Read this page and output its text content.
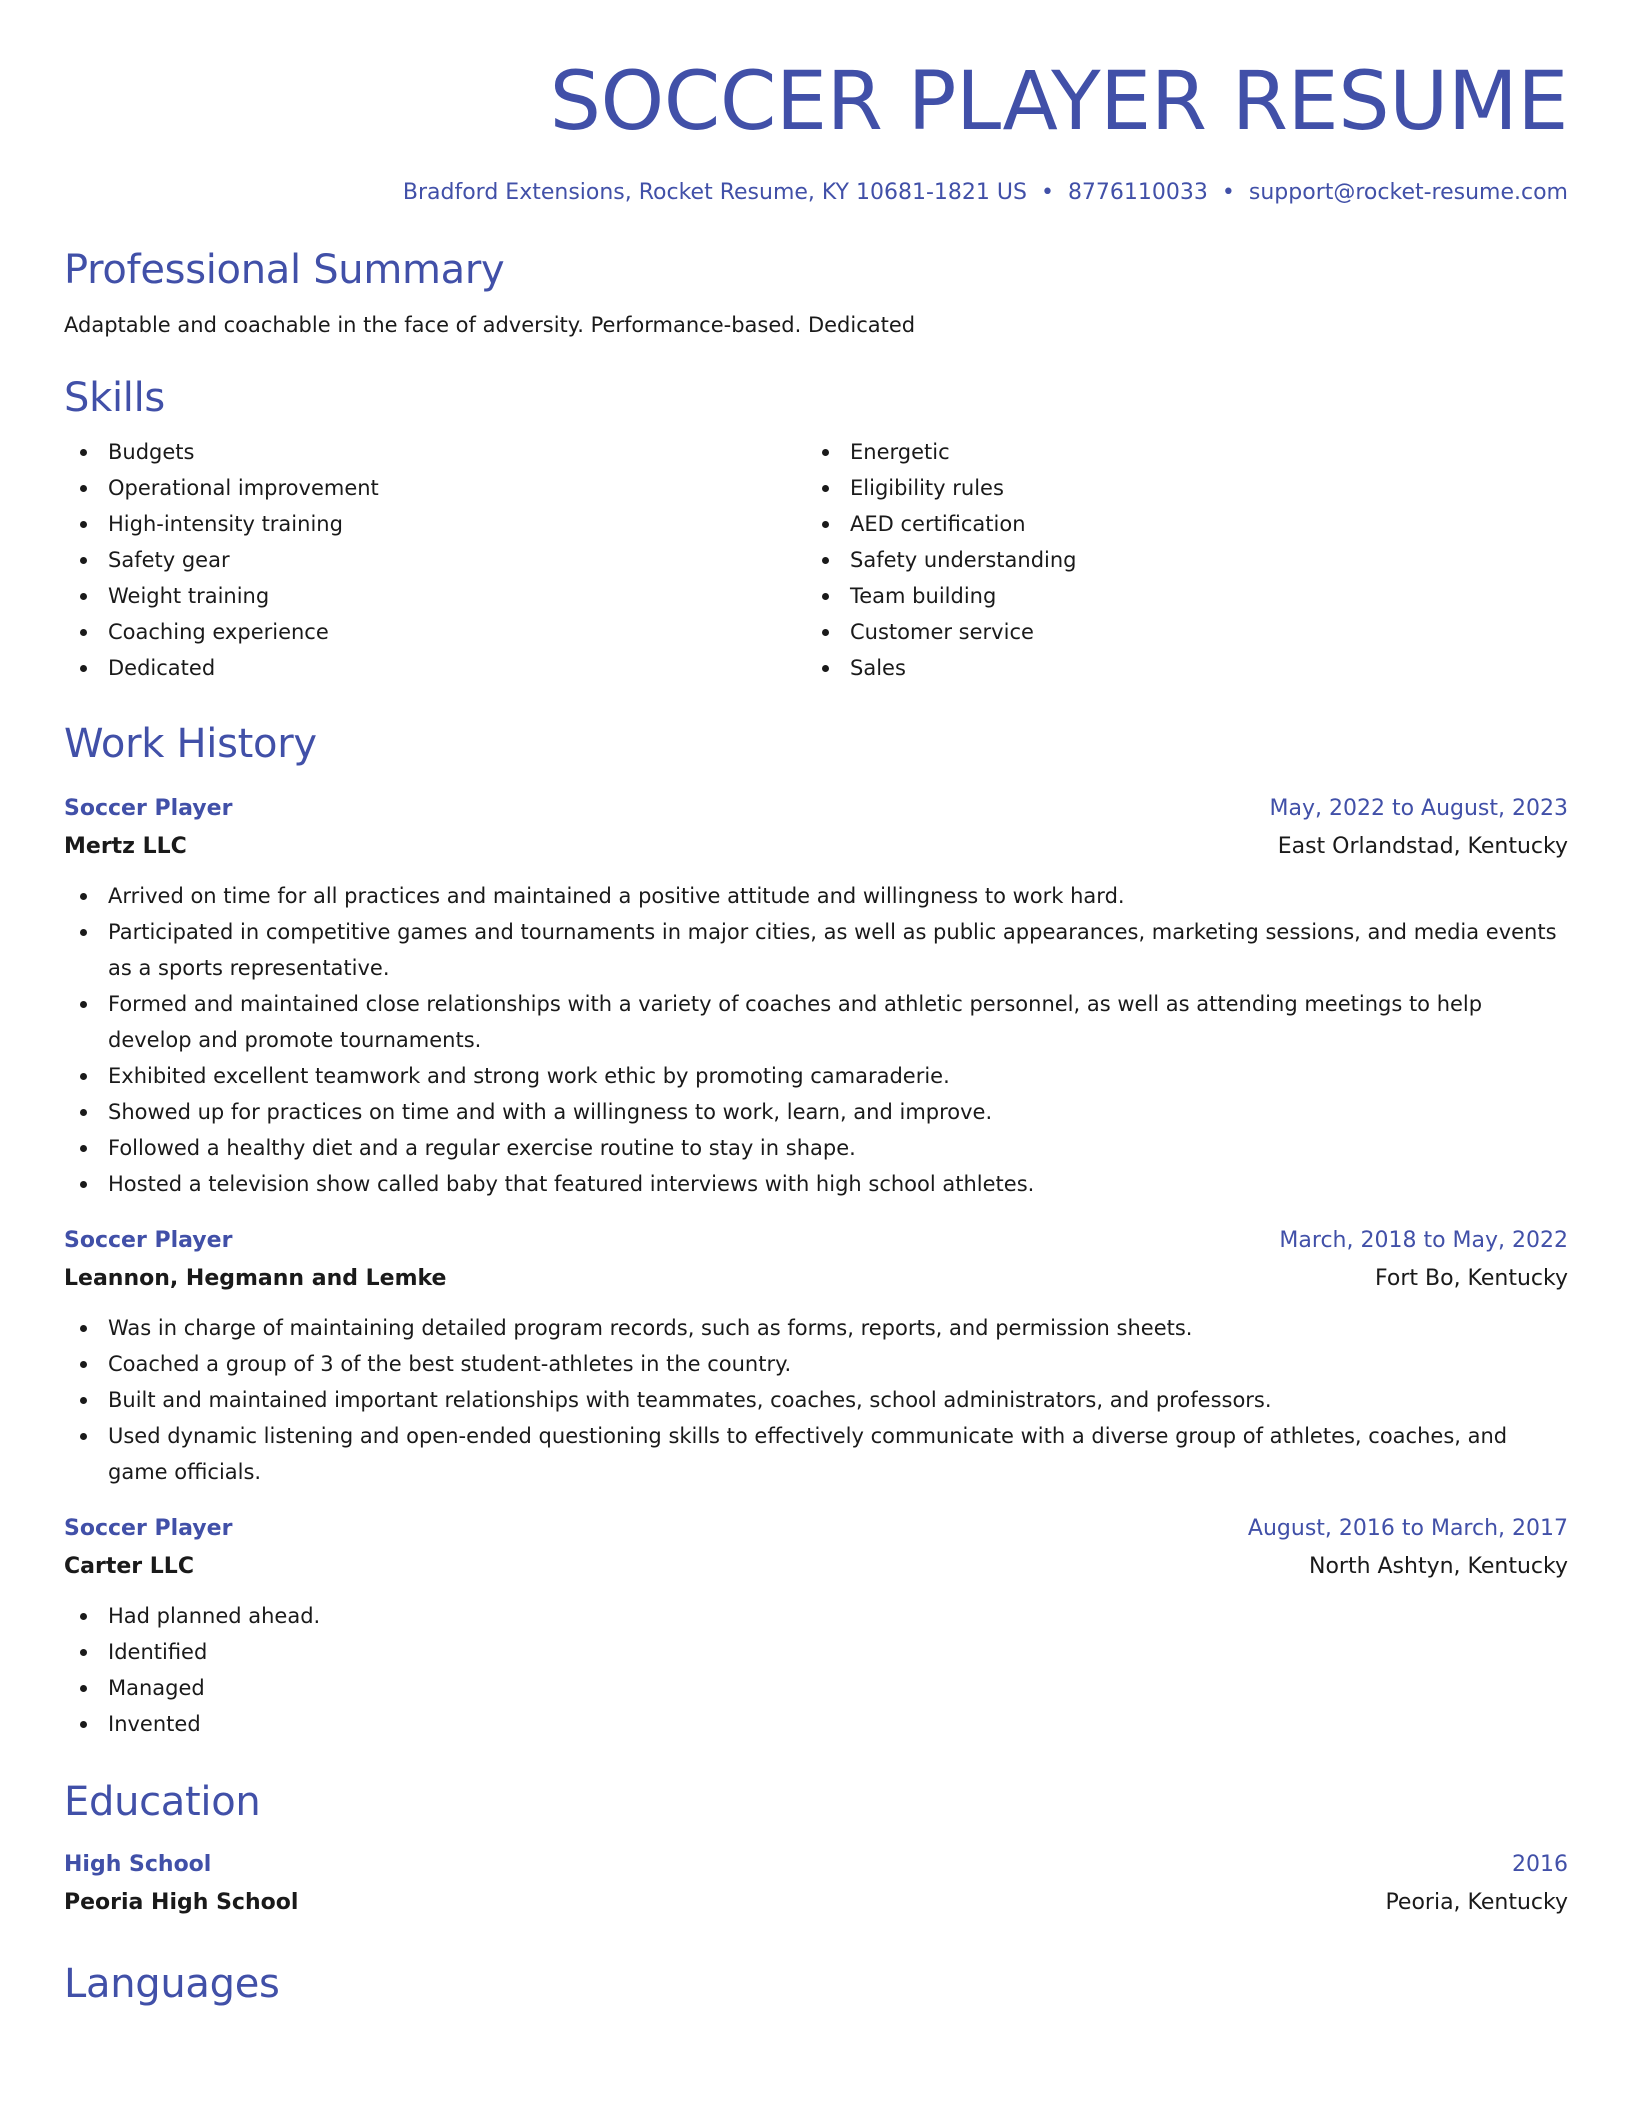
SOCCER PLAYER RESUME
Bradford Extensions, Rocket Resume, KY 10681-1821 US • 8776110033 • support@rocket-resume.com
Professional Summary

Adaptable and coachable in the face of adversity. Performance-based. Dedicated

Skills
Budgets
Operational improvement
High-intensity training
Safety gear
Weight training
Coaching experience
Dedicated
Energetic
Eligibility rules
AED certification
Safety understanding
Team building
Customer service
Sales
Work History
Soccer Player	May, 2022 to August, 2023
Mertz LLC	East Orlandstad, Kentucky
Arrived on time for all practices and maintained a positive attitude and willingness to work hard.
Participated in competitive games and tournaments in major cities, as well as public appearances, marketing sessions, and media events as a sports representative.
Formed and maintained close relationships with a variety of coaches and athletic personnel, as well as attending meetings to help develop and promote tournaments.
Exhibited excellent teamwork and strong work ethic by promoting camaraderie.
Showed up for practices on time and with a willingness to work, learn, and improve.
Followed a healthy diet and a regular exercise routine to stay in shape.
Hosted a television show called baby that featured interviews with high school athletes.
Soccer Player	March, 2018 to May, 2022
Leannon, Hegmann and Lemke	Fort Bo, Kentucky
Was in charge of maintaining detailed program records, such as forms, reports, and permission sheets.
Coached a group of 3 of the best student-athletes in the country.
Built and maintained important relationships with teammates, coaches, school administrators, and professors.
Used dynamic listening and open-ended questioning skills to effectively communicate with a diverse group of athletes, coaches, and game officials.
Soccer Player	August, 2016 to March, 2017
Carter LLC	North Ashtyn, Kentucky
Had planned ahead.
Identified
Managed
Invented
Education
High School	2016
Peoria High School	Peoria, Kentucky
Languages
